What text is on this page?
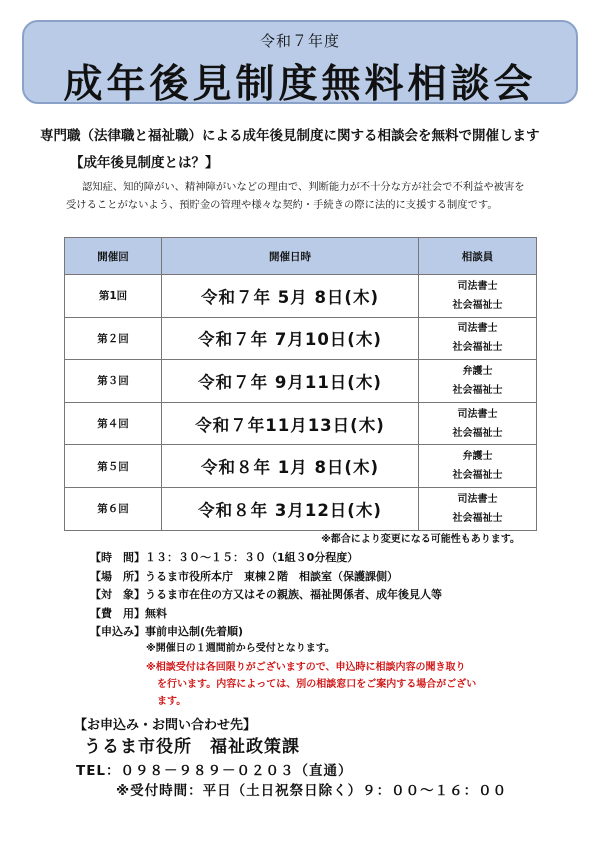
令和７年度
成年後見制度無料相談会
専門職（法律職と福祉職）による成年後見制度に関する相談会を無料で開催します
【成年後見制度とは？】

認知症、知的障がい、精神障がいなどの理由で、判断能力が不十分な方が社会で不利益や被害を

受けることがないよう、預貯金の管理や様々な契約・手続きの際に法的に支援する制度です。

開催回	開催日時	相談員
第1回	令和７年 5月 8日(木)	司法書士
社会福祉士

第２回	令和７年 7月10日(木)	司法書士
社会福祉士

第３回	令和７年 9月11日(木)	弁護士
社会福祉士

第４回	令和７年11月13日(木)	司法書士
社会福祉士

第５回	令和８年 1月 8日(木)	弁護士
社会福祉士

第６回	令和８年 3月12日(木)	司法書士
社会福祉士
※都合により変更になる可能性もあります。
【時　間】１３：３０～１５：３０（1組３0分程度）
【場　所】うるま市役所本庁　東棟２階　相談室（保護課側）
【対　象】うるま市在住の方又はその親族、福祉関係者、成年後見人等
【費　用】無料
【申込み】事前申込制(先着順)
※開催日の１週間前から受付となります。
※相談受付は各回限りがございますので、申込時に相談内容の聞き取り
を行います。内容によっては、別の相談窓口をご案内する場合がござい
ます。
【お申込み・お問い合わせ先】
うるま市役所　福祉政策課
TEL：０９８－９８９－０２０３（直通）
※受付時間：平日（土日祝祭日除く）９：００～１６：００
